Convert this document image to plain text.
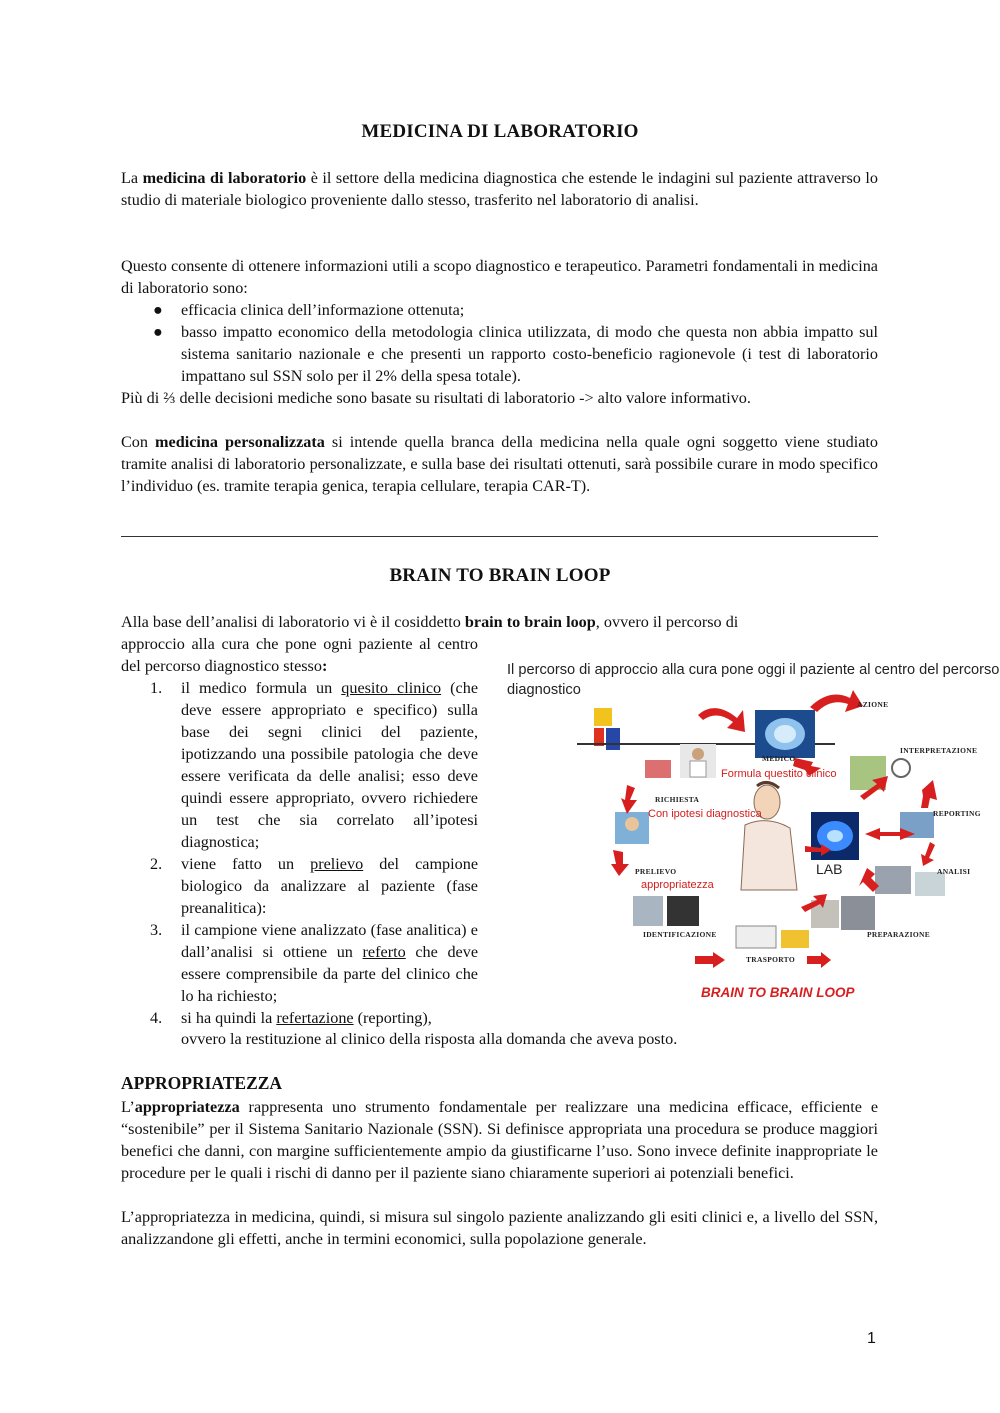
MEDICINA DI LABORATORIO

La medicina di laboratorio è il settore della medicina diagnostica che estende le indagini sul paziente attraverso lo studio di materiale biologico proveniente dallo stesso, trasferito nel laboratorio di analisi.

Questo consente di ottenere informazioni utili a scopo diagnostico e terapeutico. Parametri fondamentali in medicina di laboratorio sono:

● efficacia clinica dell’informazione ottenuta;
● basso impatto economico della metodologia clinica utilizzata, di modo che questa non abbia impatto sul sistema sanitario nazionale e che presenti un rapporto costo-beneficio ragionevole (i test di laboratorio impattano sul SSN solo per il 2% della spesa totale).

Più di ⅔ delle decisioni mediche sono basate su risultati di laboratorio -> alto valore informativo.

Con medicina personalizzata si intende quella branca della medicina nella quale ogni soggetto viene studiato tramite analisi di laboratorio personalizzate, e sulla base dei risultati ottenuti, sarà possibile curare in modo specifico l’individuo (es. tramite terapia genica, terapia cellulare, terapia CAR-T).

BRAIN TO BRAIN LOOP

Alla base dell’analisi di laboratorio vi è il cosiddetto brain to brain loop, ovvero il percorso di

approccio alla cura che pone ogni paziente al centro del percorso diagnostico stesso:
1. il medico formula un quesito clinico (che deve essere appropriato e specifico) sulla base dei segni clinici del paziente, ipotizzando una possibile patologia che deve essere verificata da delle analisi; esso deve quindi essere appropriato, ovvero richiedere un test che sia correlato all’ipotesi diagnostica;
2. viene fatto un prelievo del campione biologico da analizzare al paziente (fase preanalitica):
3. il campione viene analizzato (fase analitica) e dall’analisi si ottiene un referto che deve essere comprensibile da parte del clinico che lo ha richiesto;
4. si ha quindi la refertazione (reporting),

ovvero la restituzione al clinico della risposta alla domanda che aveva posto.

Il percorso di approccio alla cura pone oggi il paziente al centro del percorso diagnostico
AZIONE
MEDICO
INTERPRETAZIONE
RICHIESTA
REPORTING
PRELIEVO	ANALISI
LAB
IDENTIFICAZIONE	PREPARAZIONE
TRASPORTO
Formula questito clinico
Con ipotesi diagnostica
appropriatezza
BRAIN TO BRAIN LOOP
APPROPRIATEZZA

L’appropriatezza rappresenta uno strumento fondamentale per realizzare una medicina efficace, efficiente e “sostenibile” per il Sistema Sanitario Nazionale (SSN). Si definisce appropriata una procedura se produce maggiori benefici che danni, con margine sufficientemente ampio da giustificarne l’uso. Sono invece definite inappropriate le procedure per le quali i rischi di danno per il paziente siano chiaramente superiori ai potenziali benefici.

L’appropriatezza in medicina, quindi, si misura sul singolo paziente analizzando gli esiti clinici e, a livello del SSN, analizzandone gli effetti, anche in termini economici, sulla popolazione generale.

1
